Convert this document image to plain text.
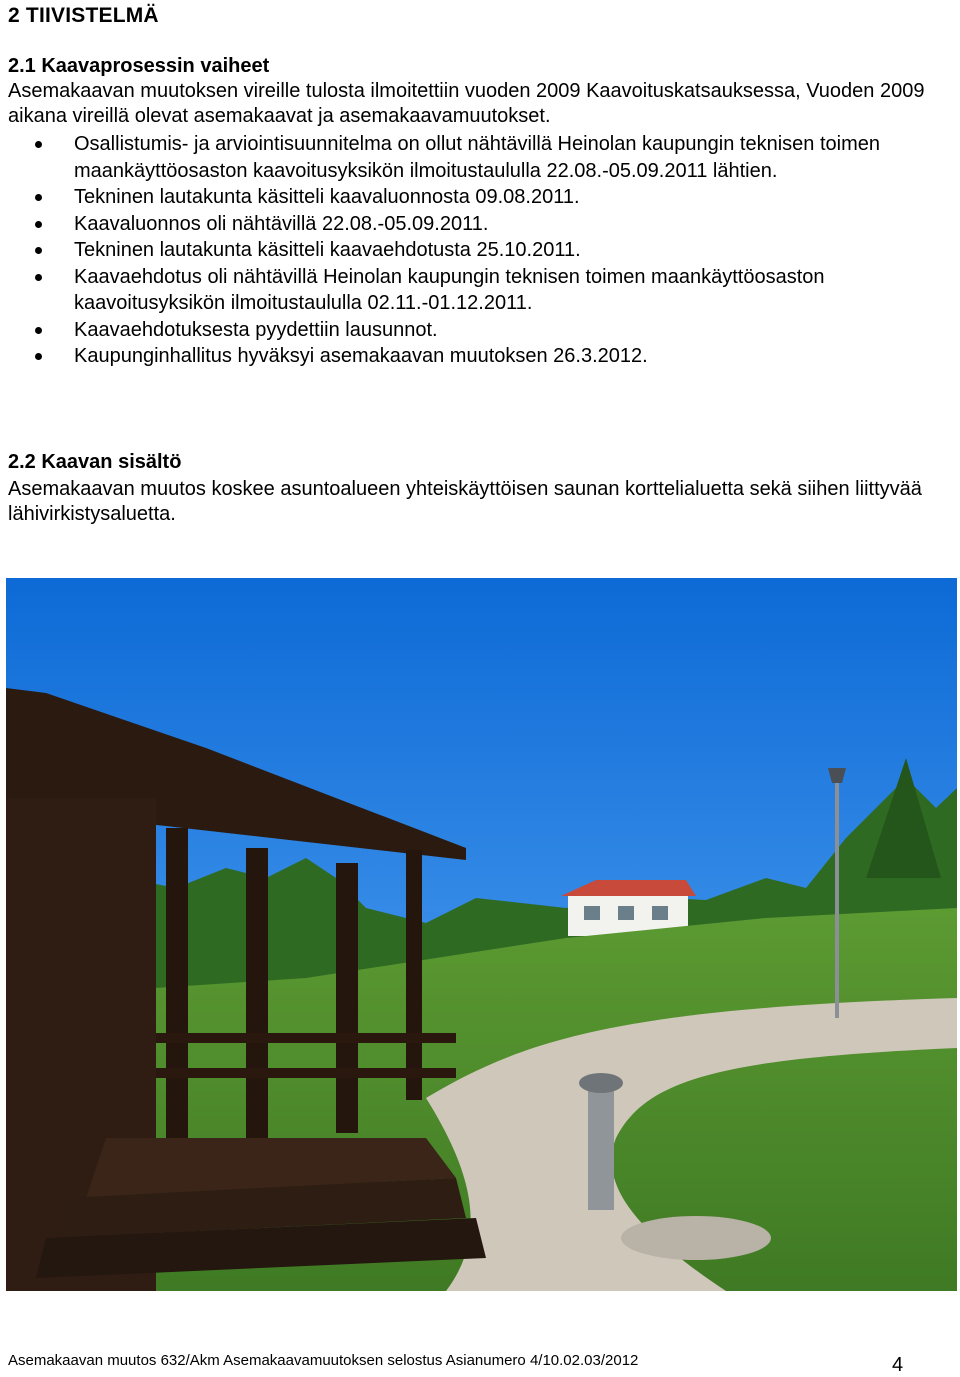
2 TIIVISTELMÄ
2.1 Kaavaprosessin vaiheet
Asemakaavan muutoksen vireille tulosta ilmoitettiin vuoden 2009 Kaavoituskatsauksessa, Vuoden 2009 aikana vireillä olevat asemakaavat ja asemakaavamuutokset.
Osallistumis- ja arviointisuunnitelma on ollut nähtävillä Heinolan kaupungin teknisen toimen maankäyttöosaston kaavoitusyksikön ilmoitustaululla 22.08.-05.09.2011 lähtien.
Tekninen lautakunta käsitteli kaavaluonnosta 09.08.2011.
Kaavaluonnos oli nähtävillä 22.08.-05.09.2011.
Tekninen lautakunta käsitteli kaavaehdotusta 25.10.2011.
Kaavaehdotus oli nähtävillä Heinolan kaupungin teknisen toimen maankäyttöosaston kaavoitusyksikön ilmoitustaululla 02.11.-01.12.2011.
Kaavaehdotuksesta pyydettiin lausunnot.
Kaupunginhallitus hyväksyi asemakaavan muutoksen 26.3.2012.
2.2 Kaavan sisältö
Asemakaavan muutos koskee asuntoalueen yhteiskäyttöisen saunan korttelialuetta sekä siihen liittyvää lähivirkistysaluetta.
Asemakaavan muutos 632/Akm Asemakaavamuutoksen selostus Asianumero 4/10.02.03/2012	4
